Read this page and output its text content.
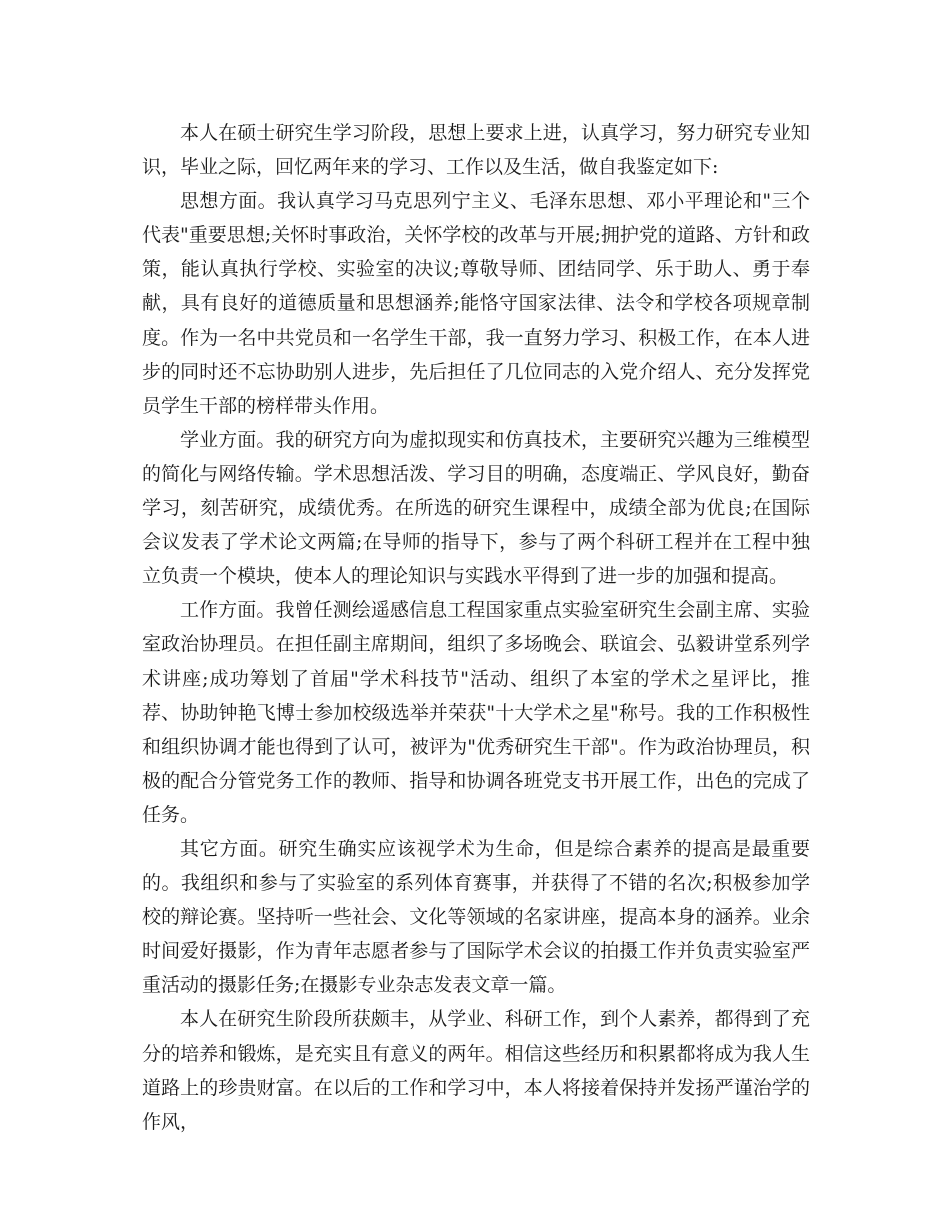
本人在硕士研究生学习阶段，思想上要求上进，认真学习，努力研究专业知识，毕业之际，回忆两年来的学习、工作以及生活，做自我鉴定如下:

思想方面。我认真学习马克思列宁主义、毛泽东思想、邓小平理论和"三个代表"重要思想;关怀时事政治，关怀学校的改革与开展;拥护党的道路、方针和政策，能认真执行学校、实验室的决议;尊敬导师、团结同学、乐于助人、勇于奉献，具有良好的道德质量和思想涵养;能恪守国家法律、法令和学校各项规章制度。作为一名中共党员和一名学生干部，我一直努力学习、积极工作，在本人进步的同时还不忘协助别人进步，先后担任了几位同志的入党介绍人、充分发挥党员学生干部的榜样带头作用。

学业方面。我的研究方向为虚拟现实和仿真技术，主要研究兴趣为三维模型的简化与网络传输。学术思想活泼、学习目的明确，态度端正、学风良好，勤奋学习，刻苦研究，成绩优秀。在所选的研究生课程中，成绩全部为优良;在国际会议发表了学术论文两篇;在导师的指导下，参与了两个科研工程并在工程中独立负责一个模块，使本人的理论知识与实践水平得到了进一步的加强和提高。

工作方面。我曾任测绘遥感信息工程国家重点实验室研究生会副主席、实验室政治协理员。在担任副主席期间，组织了多场晚会、联谊会、弘毅讲堂系列学术讲座;成功筹划了首届"学术科技节"活动、组织了本室的学术之星评比，推荐、协助钟艳飞博士参加校级选举并荣获"十大学术之星"称号。我的工作积极性和组织协调才能也得到了认可，被评为"优秀研究生干部"。作为政治协理员，积极的配合分管党务工作的教师、指导和协调各班党支书开展工作，出色的完成了任务。

其它方面。研究生确实应该视学术为生命，但是综合素养的提高是最重要的。我组织和参与了实验室的系列体育赛事，并获得了不错的名次;积极参加学校的辩论赛。坚持听一些社会、文化等领域的名家讲座，提高本身的涵养。业余时间爱好摄影，作为青年志愿者参与了国际学术会议的拍摄工作并负责实验室严重活动的摄影任务;在摄影专业杂志发表文章一篇。

本人在研究生阶段所获颇丰，从学业、科研工作，到个人素养，都得到了充分的培养和锻炼，是充实且有意义的两年。相信这些经历和积累都将成为我人生道路上的珍贵财富。在以后的工作和学习中，本人将接着保持并发扬严谨治学的作风，
